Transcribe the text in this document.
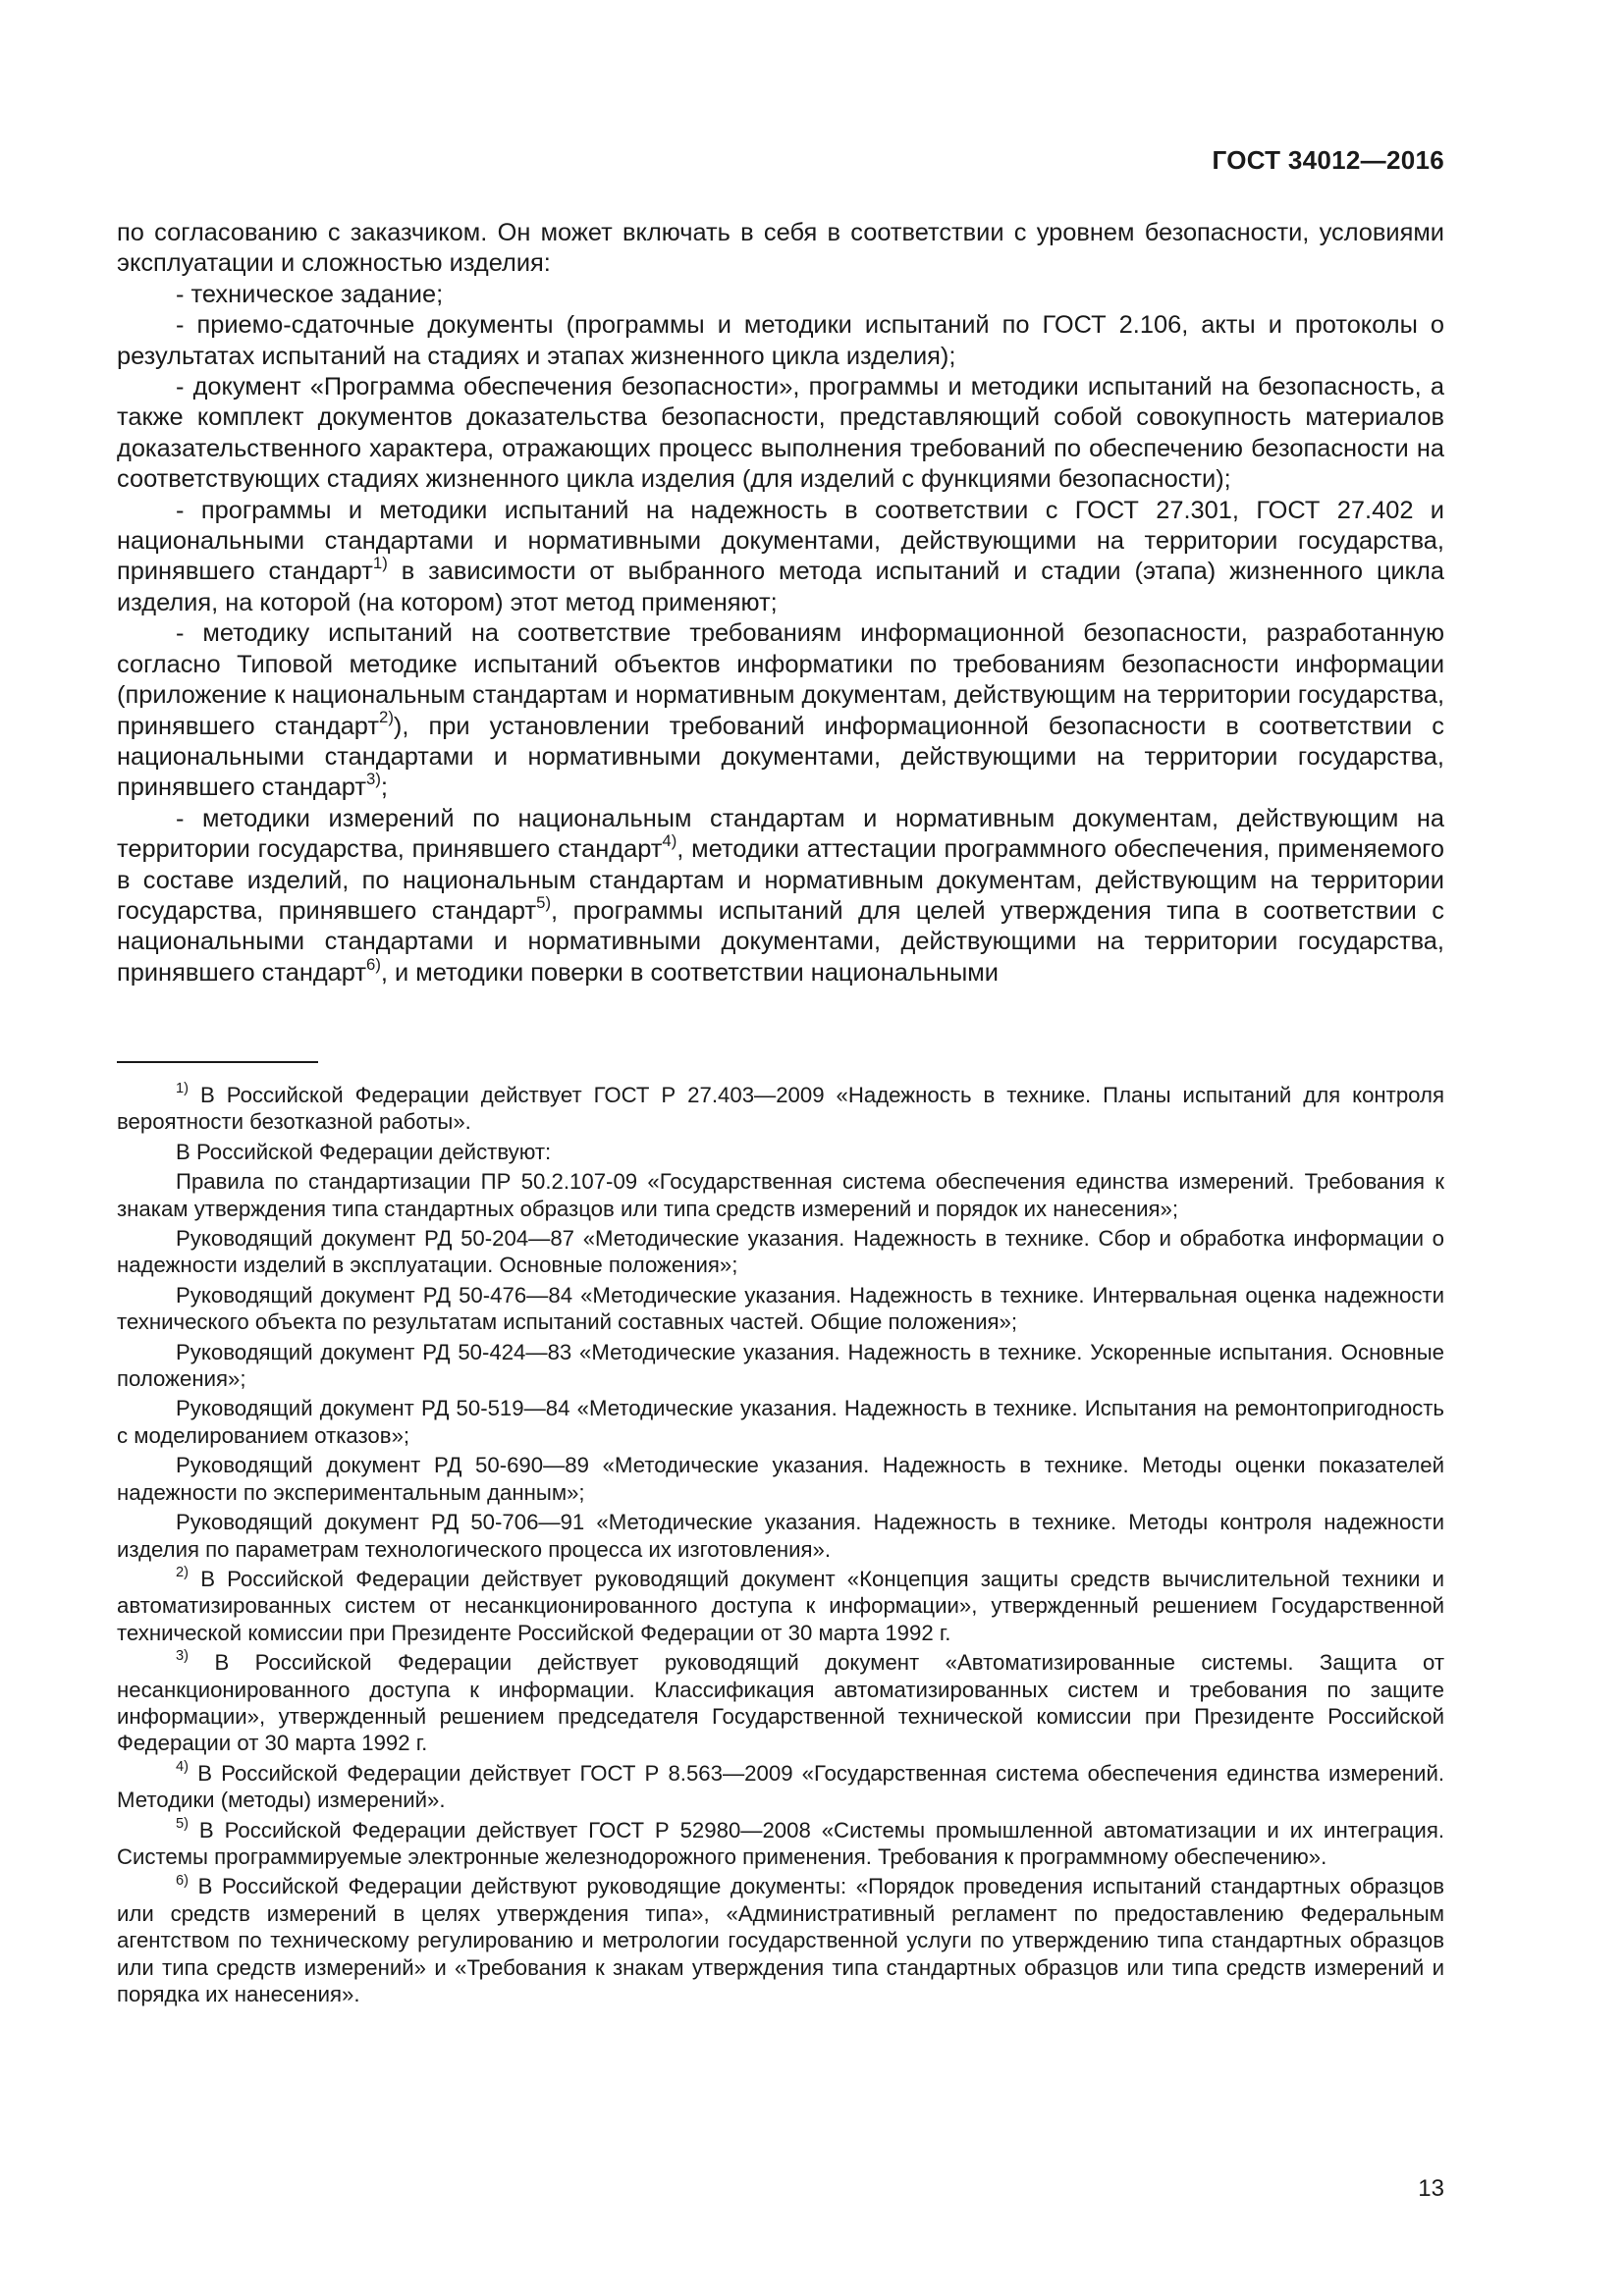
ГОСТ 34012—2016

по согласованию с заказчиком. Он может включать в себя в соответствии с уровнем безопасности, условиями эксплуатации и сложностью изделия:

- техническое задание;

- приемо-сдаточные документы (программы и методики испытаний по ГОСТ 2.106, акты и протоколы о результатах испытаний на стадиях и этапах жизненного цикла изделия);

- документ «Программа обеспечения безопасности», программы и методики испытаний на безопасность, а также комплект документов доказательства безопасности, представляющий собой совокупность материалов доказательственного характера, отражающих процесс выполнения требований по обеспечению безопасности на соответствующих стадиях жизненного цикла изделия (для изделий с функциями безопасности);

- программы и методики испытаний на надежность в соответствии с ГОСТ 27.301, ГОСТ 27.402 и национальными стандартами и нормативными документами, действующими на территории государства, принявшего стандарт$^{1)}$ в зависимости от выбранного метода испытаний и стадии (этапа) жизненного цикла изделия, на которой (на котором) этот метод применяют;

- методику испытаний на соответствие требованиям информационной безопасности, разработанную согласно Типовой методике испытаний объектов информатики по требованиям безопасности информации (приложение к национальным стандартам и нормативным документам, действующим на территории государства, принявшего стандарт$^{2)}$), при установлении требований информационной безопасности в соответствии с национальными стандартами и нормативными документами, действующими на территории государства, принявшего стандарт$^{3)}$;

- методики измерений по национальным стандартам и нормативным документам, действующим на территории государства, принявшего стандарт$^{4)}$, методики аттестации программного обеспечения, применяемого в составе изделий, по национальным стандартам и нормативным документам, действующим на территории государства, принявшего стандарт$^{5)}$, программы испытаний для целей утверждения типа в соответствии с национальными стандартами и нормативными документами, действующими на территории государства, принявшего стандарт$^{6)}$, и методики поверки в соответствии национальными

$^{1)}$ В Российской Федерации действует ГОСТ Р 27.403—2009 «Надежность в технике. Планы испытаний для контроля вероятности безотказной работы».

В Российской Федерации действуют:

Правила по стандартизации ПР 50.2.107-09 «Государственная система обеспечения единства измерений. Требования к знакам утверждения типа стандартных образцов или типа средств измерений и порядок их нанесения»;

Руководящий документ РД 50-204—87 «Методические указания. Надежность в технике. Сбор и обработка информации о надежности изделий в эксплуатации. Основные положения»;

Руководящий документ РД 50-476—84 «Методические указания. Надежность в технике. Интервальная оценка надежности технического объекта по результатам испытаний составных частей. Общие положения»;

Руководящий документ РД 50-424—83 «Методические указания. Надежность в технике. Ускоренные испытания. Основные положения»;

Руководящий документ РД 50-519—84 «Методические указания. Надежность в технике. Испытания на ремонтопригодность с моделированием отказов»;

Руководящий документ РД 50-690—89 «Методические указания. Надежность в технике. Методы оценки показателей надежности по экспериментальным данным»;

Руководящий документ РД 50-706—91 «Методические указания. Надежность в технике. Методы контроля надежности изделия по параметрам технологического процесса их изготовления».

$^{2)}$ В Российской Федерации действует руководящий документ «Концепция защиты средств вычислительной техники и автоматизированных систем от несанкционированного доступа к информации», утвержденный решением Государственной технической комиссии при Президенте Российской Федерации от 30 марта 1992 г.

$^{3)}$ В Российской Федерации действует руководящий документ «Автоматизированные системы. Защита от несанкционированного доступа к информации. Классификация автоматизированных систем и требования по защите информации», утвержденный решением председателя Государственной технической комиссии при Президенте Российской Федерации от 30 марта 1992 г.

$^{4)}$ В Российской Федерации действует ГОСТ Р 8.563—2009 «Государственная система обеспечения единства измерений. Методики (методы) измерений».

$^{5)}$ В Российской Федерации действует ГОСТ Р 52980—2008 «Системы промышленной автоматизации и их интеграция. Системы программируемые электронные железнодорожного применения. Требования к программному обеспечению».

$^{6)}$ В Российской Федерации действуют руководящие документы: «Порядок проведения испытаний стандартных образцов или средств измерений в целях утверждения типа», «Административный регламент по предоставлению Федеральным агентством по техническому регулированию и метрологии государственной услуги по утверждению типа стандартных образцов или типа средств измерений» и «Требования к знакам утверждения типа стандартных образцов или типа средств измерений и порядка их нанесения».

13
